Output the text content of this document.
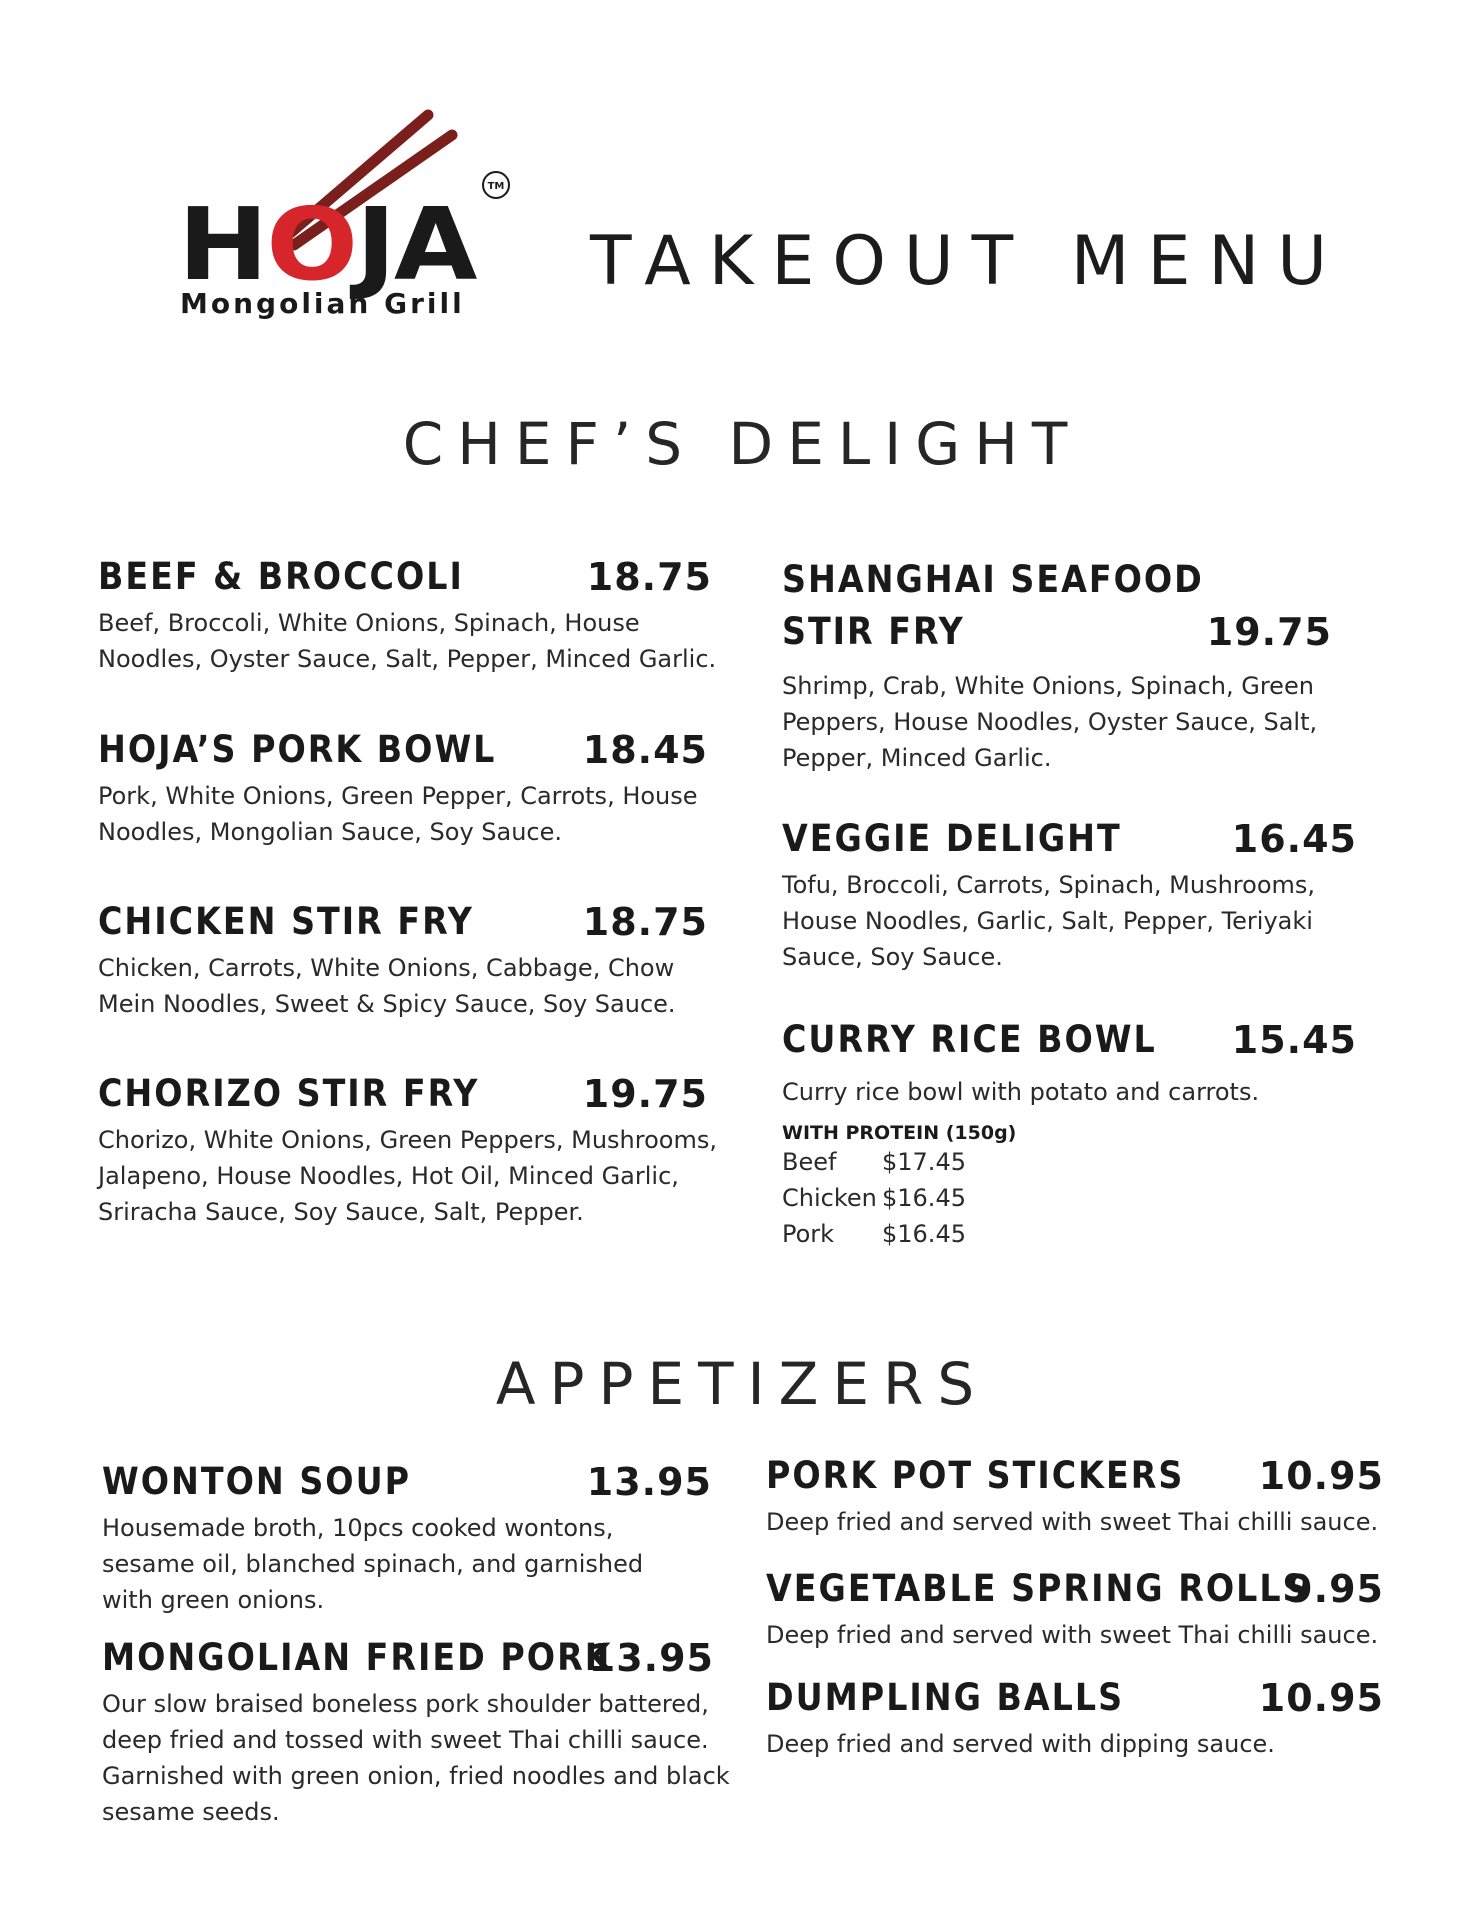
HOJA	TM
Mongolian Grill
TAKEOUT MENU
CHEF’S DELIGHT
BEEF & BROCCOLI	18.75

Beef, Broccoli, White Onions, Spinach, House Noodles, Oyster Sauce, Salt, Pepper, Minced Garlic.

HOJA’S PORK BOWL 18.45

Pork, White Onions, Green Pepper, Carrots, House Noodles, Mongolian Sauce, Soy Sauce.

CHICKEN STIR FRY	18.75

Chicken, Carrots, White Onions, Cabbage, Chow Mein Noodles, Sweet & Spicy Sauce, Soy Sauce.

CHORIZO STIR FRY	19.75

Chorizo, White Onions, Green Peppers, Mushrooms, Jalapeno, House Noodles, Hot Oil, Minced Garlic, Sriracha Sauce, Soy Sauce, Salt, Pepper.

SHANGHAI SEAFOOD
STIR FRY	19.75

Shrimp, Crab, White Onions, Spinach, Green Peppers, House Noodles, Oyster Sauce, Salt, Pepper, Minced Garlic.

VEGGIE DELIGHT	16.45

Tofu, Broccoli, Carrots, Spinach, Mushrooms, House Noodles, Garlic, Salt, Pepper, Teriyaki Sauce, Soy Sauce.

CURRY RICE BOWL 15.45

Curry rice bowl with potato and carrots.

WITH PROTEIN (150g)
Beef	$17.45
Chicken $16.45
Pork	$16.45
APPETIZERS
WONTON SOUP	13.95

Housemade broth, 10pcs cooked wontons, sesame oil, blanched spinach, and garnished with green onions.

MONGOLIAN FRIED PORK
13.95

Our slow braised boneless pork shoulder battered, deep fried and tossed with sweet Thai chilli sauce. Garnished with green onion, fried noodles and black sesame seeds.

PORK POT STICKERS 10.95

Deep fried and served with sweet Thai chilli sauce.

VEGETABLE SPRING ROLLS
9.95

Deep fried and served with sweet Thai chilli sauce.

DUMPLING BALLS	10.95

Deep fried and served with dipping sauce.
